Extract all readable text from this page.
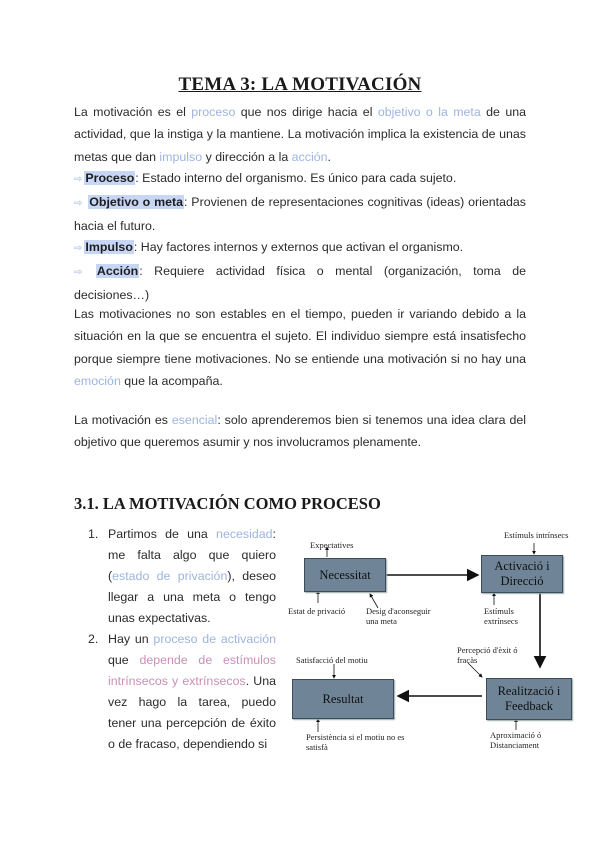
TEMA 3: LA MOTIVACIÓN
La motivación es el proceso que nos dirige hacia el objetivo o la meta de una actividad, que la instiga y la mantiene. La motivación implica la existencia de unas metas que dan impulso y dirección a la acción.
⇨ Proceso: Estado interno del organismo. Es único para cada sujeto.
⇨ Objetivo o meta: Provienen de representaciones cognitivas (ideas) orientadas hacia el futuro.
⇨ Impulso: Hay factores internos y externos que activan el organismo.
⇨ Acción: Requiere actividad física o mental (organización, toma de decisiones…)
Las motivaciones no son estables en el tiempo, pueden ir variando debido a la situación en la que se encuentra el sujeto. El individuo siempre está insatisfecho porque siempre tiene motivaciones. No se entiende una motivación si no hay una emoción que la acompaña.
La motivación es esencial: solo aprenderemos bien si tenemos una idea clara del objetivo que queremos asumir y nos involucramos plenamente.
3.1. LA MOTIVACIÓN COMO PROCESO
1. Partimos de una necesidad: me falta algo que quiero (estado de privación), deseo llegar a una meta o tengo unas expectativas.
2. Hay un proceso de activación que depende de estímulos intrínsecos y extrínsecos. Una vez hago la tarea, puedo tener una percepción de éxito o de fracaso, dependiendo si
Necessitat
Activació i Direcció
Resultat
Realització i Feedback
Expectatives
Estímuls intrínsecs
Estat de privació Desig d'aconseguir una meta
Estímuls extrínsecs
Percepció d'èxit ó fracàs
Satisfacció del motiu
Persistència si el motiu no es satisfà
Aproximació ó Distanciament
